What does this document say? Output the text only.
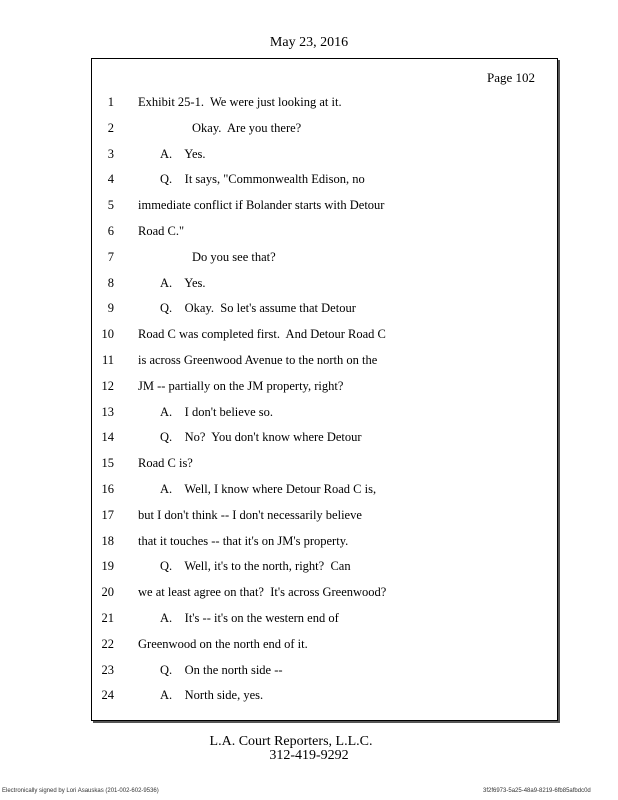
May 23, 2016
Page 102
1 Exhibit 25-1.  We were just looking at it.
2	Okay.  Are you there?
3	A.    Yes.
4	Q.    It says, "Commonwealth Edison, no
5 immediate conflict if Bolander starts with Detour
6 Road C."
7	Do you see that?
8	A.    Yes.
9	Q.    Okay.  So let's assume that Detour
10 Road C was completed first.  And Detour Road C
11 is across Greenwood Avenue to the north on the
12 JM -- partially on the JM property, right?
13	A.    I don't believe so.
14	Q.    No?  You don't know where Detour
15 Road C is?
16	A.    Well, I know where Detour Road C is,
17 but I don't think -- I don't necessarily believe
18 that it touches -- that it's on JM's property.
19	Q.    Well, it's to the north, right?  Can
20 we at least agree on that?  It's across Greenwood?
21	A.    It's -- it's on the western end of
22 Greenwood on the north end of it.
23	Q.    On the north side --
24	A.    North side, yes.
L.A. Court Reporters, L.L.C.
312-419-9292
Electronically signed by Lori Asauskas (201-002-602-9536)	3f2f6973-5a25-48a9-8219-6fb85afbdc0d
